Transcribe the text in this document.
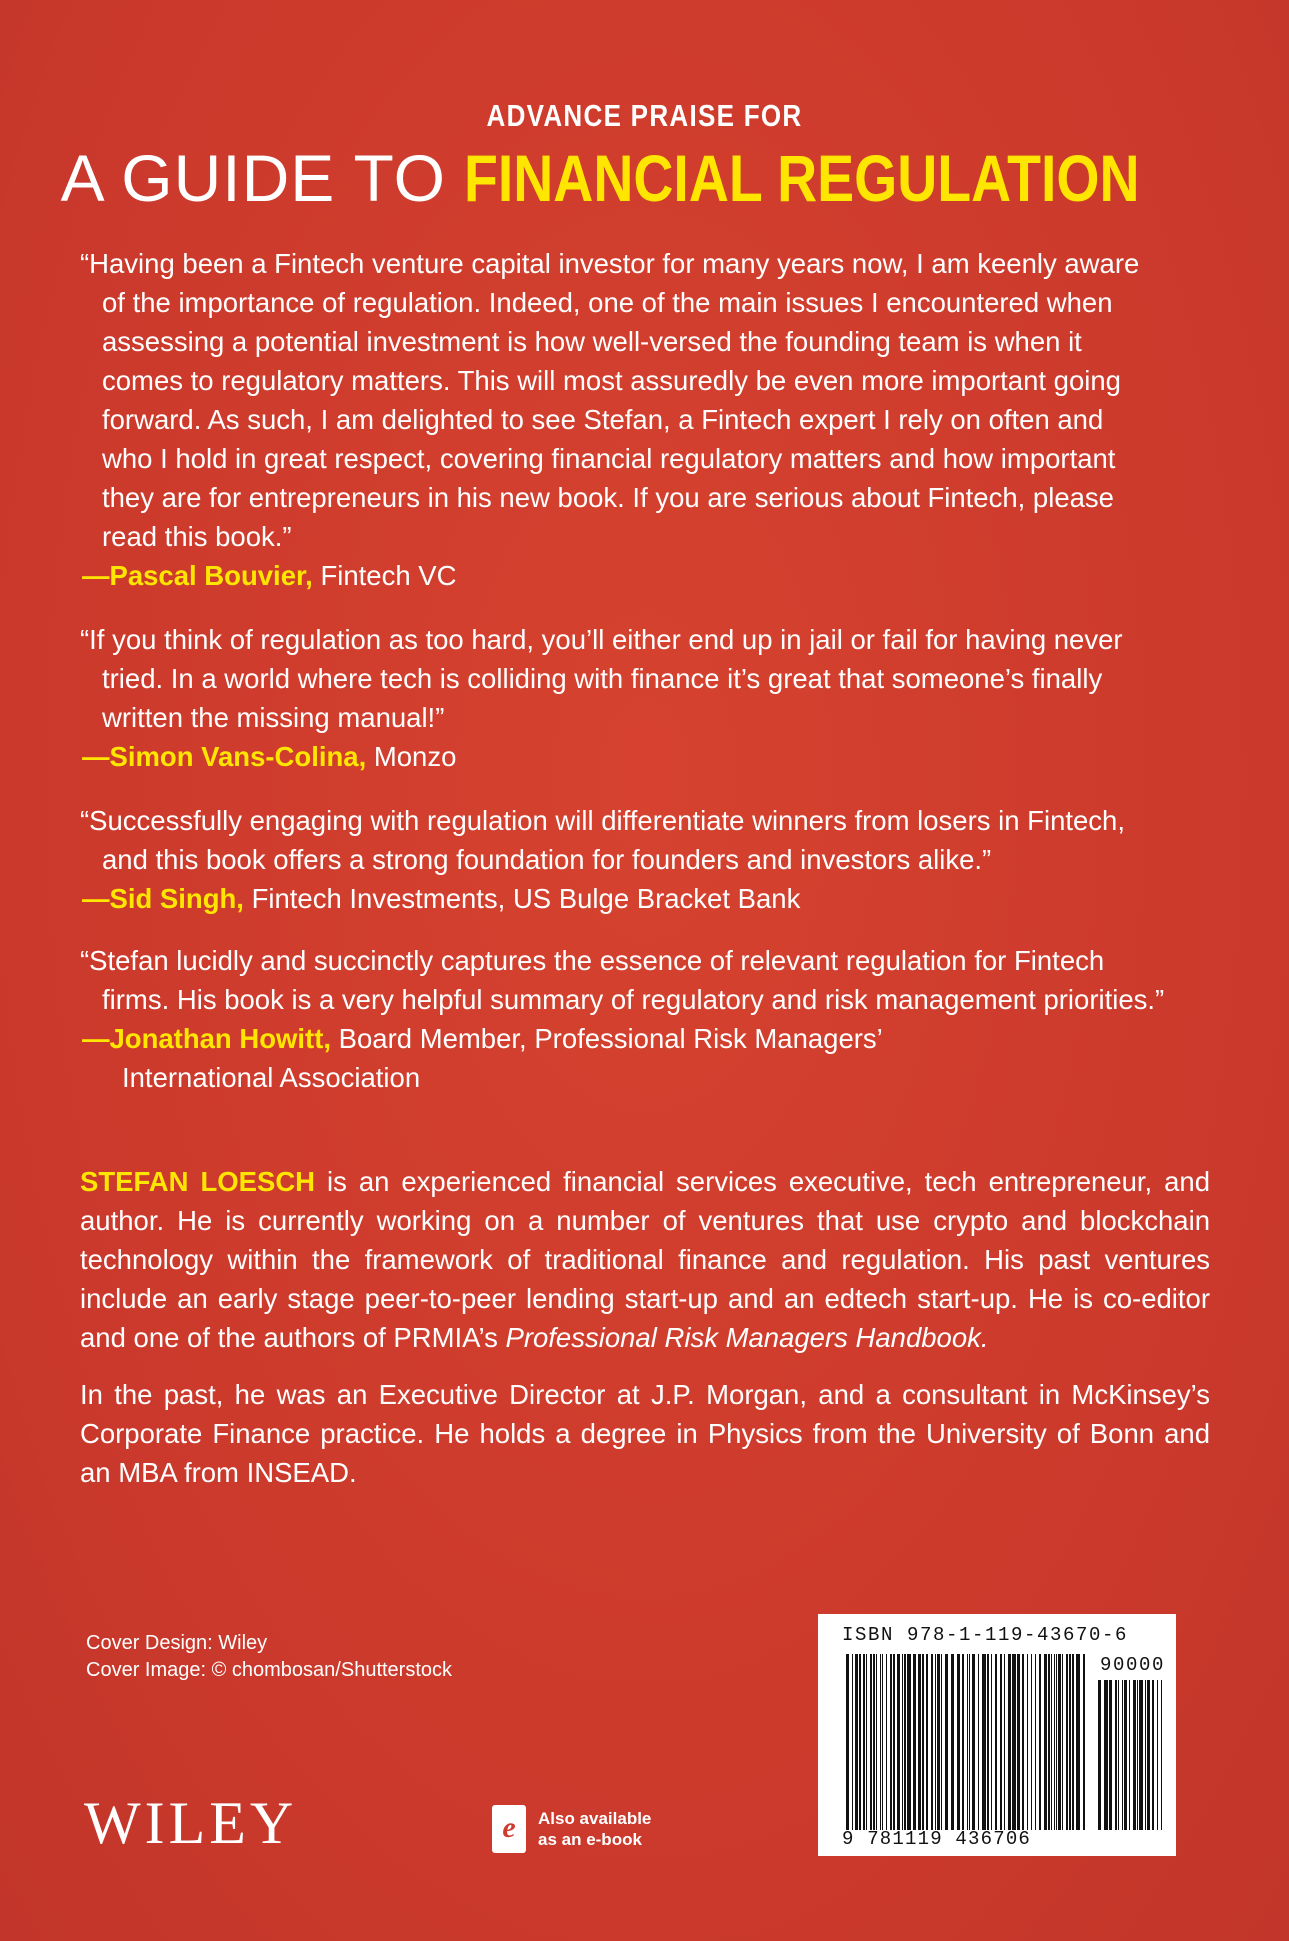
ADVANCE PRAISE FOR
A GUIDE TO FINANCIAL REGULATION

“Having been a Fintech venture capital investor for many years now, I am keenly aware

of the importance of regulation. Indeed, one of the main issues I encountered when

assessing a potential investment is how well-versed the founding team is when it

comes to regulatory matters. This will most assuredly be even more important going

forward. As such, I am delighted to see Stefan, a Fintech expert I rely on often and

who I hold in great respect, covering financial regulatory matters and how important

they are for entrepreneurs in his new book. If you are serious about Fintech, please

read this book.”

—Pascal Bouvier, Fintech VC

“If you think of regulation as too hard, you’ll either end up in jail or fail for having never

tried. In a world where tech is colliding with finance it’s great that someone’s finally

written the missing manual!”

—Simon Vans-Colina, Monzo

“Successfully engaging with regulation will differentiate winners from losers in Fintech,

and this book offers a strong foundation for founders and investors alike.”

—Sid Singh, Fintech Investments, US Bulge Bracket Bank

“Stefan lucidly and succinctly captures the essence of relevant regulation for Fintech

firms. His book is a very helpful summary of regulatory and risk management priorities.”

—Jonathan Howitt, Board Member, Professional Risk Managers’

International Association

STEFAN LOESCH is an experienced financial services executive, tech entrepreneur, and author. He is currently working on a number of ventures that use crypto and blockchain technology within the framework of traditional finance and regulation. His past ventures include an early stage peer-to-peer lending start-up and an edtech start-up. He is co-editor and one of the authors of PRMIA’s Professional Risk Managers Handbook.

In the past, he was an Executive Director at J.P. Morgan, and a consultant in McKinsey’s Corporate Finance practice. He holds a degree in Physics from the University of Bonn and an MBA from INSEAD.

Cover Design: Wiley
Cover Image: © chombosan/Shutterstock
WILEY	e	Also available
as an e-book
ISBN 978-1-119-43670-6
90000
9 781119 436706
